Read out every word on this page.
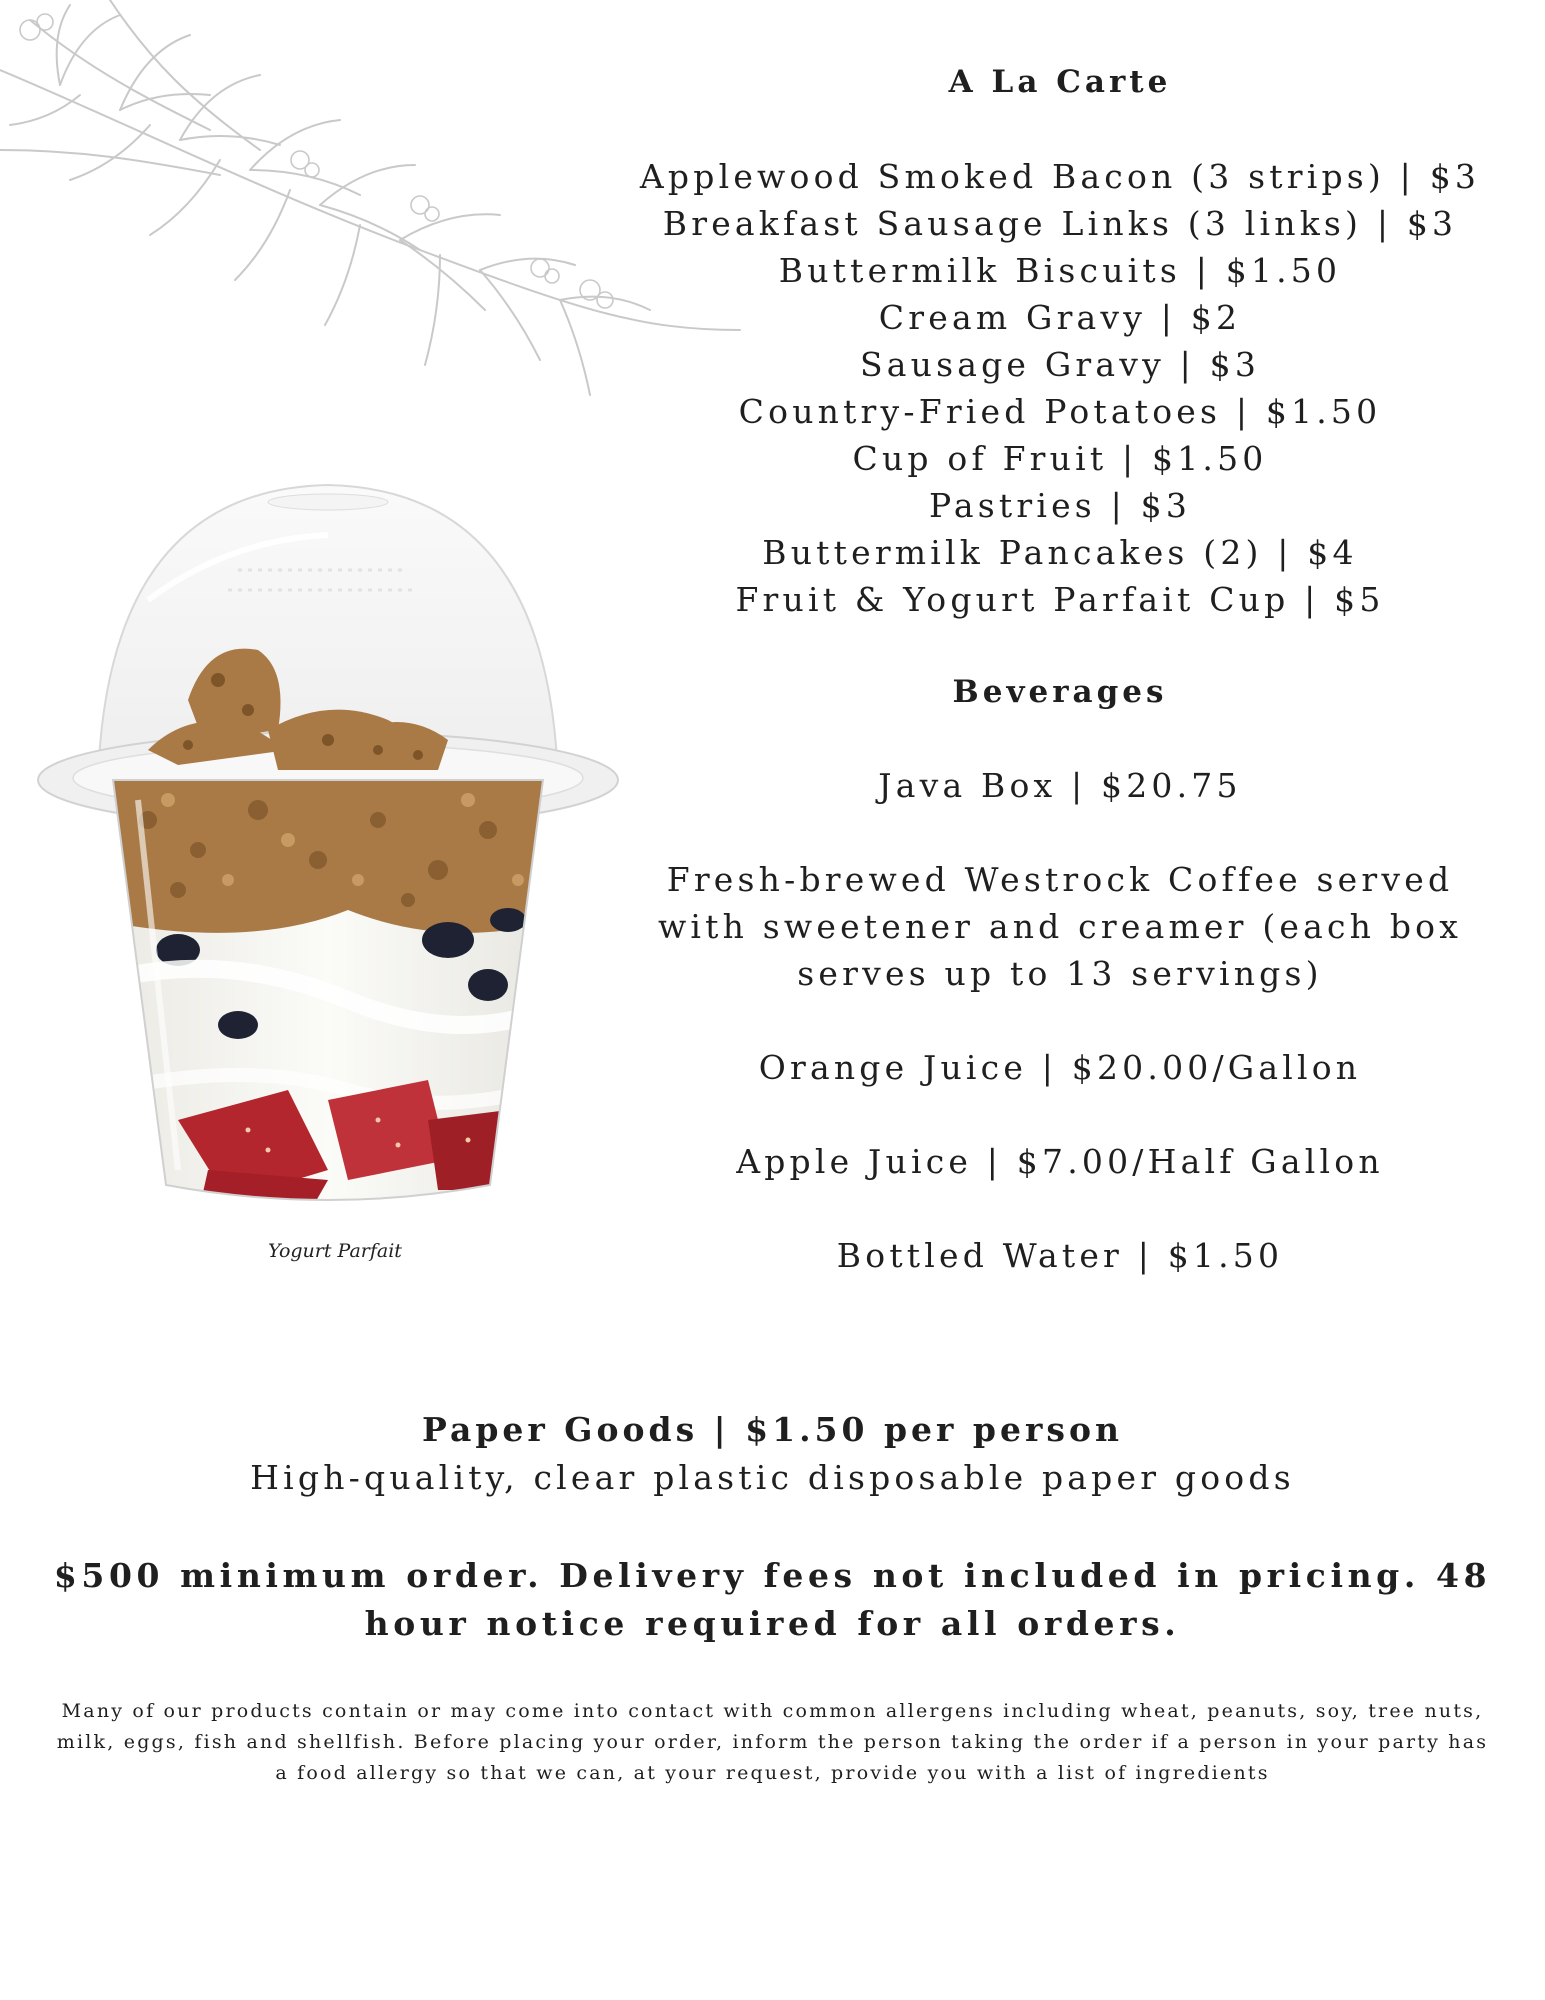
A La Carte
Applewood Smoked Bacon (3 strips) | $3
Breakfast Sausage Links (3 links) | $3
Buttermilk Biscuits | $1.50
Cream Gravy | $2
Sausage Gravy | $3
Country-Fried Potatoes | $1.50
Cup of Fruit | $1.50
Pastries | $3
Buttermilk Pancakes (2) | $4
Fruit & Yogurt Parfait Cup | $5
Beverages

Java Box | $20.75

Fresh-brewed Westrock Coffee served with sweetener and creamer (each box serves up to 13 servings)

Orange Juice | $20.00/Gallon

Apple Juice | $7.00/Half Gallon

Bottled Water | $1.50

Yogurt Parfait
Paper Goods | $1.50 per person
High-quality, clear plastic disposable paper goods
$500 minimum order. Delivery fees not included in pricing. 48 hour notice required for all orders.
Many of our products contain or may come into contact with common allergens including wheat, peanuts, soy, tree nuts, milk, eggs, fish and shellfish. Before placing your order, inform the person taking the order if a person in your party has a food allergy so that we can, at your request, provide you with a list of ingredients
